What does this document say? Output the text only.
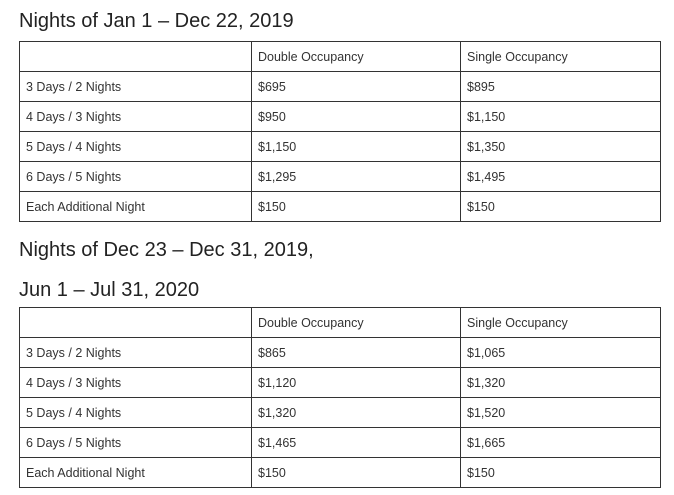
Nights of Jan 1 – Dec 22, 2019
	Double Occupancy	Single Occupancy
3 Days / 2 Nights	$695	$895
4 Days / 3 Nights	$950	$1,150
5 Days / 4 Nights	$1,150	$1,350
6 Days / 5 Nights	$1,295	$1,495
Each Additional Night	$150	$150
Nights of Dec 23 – Dec 31, 2019,
Jun 1 – Jul 31, 2020
	Double Occupancy	Single Occupancy
3 Days / 2 Nights	$865	$1,065
4 Days / 3 Nights	$1,120	$1,320
5 Days / 4 Nights	$1,320	$1,520
6 Days / 5 Nights	$1,465	$1,665
Each Additional Night	$150	$150
